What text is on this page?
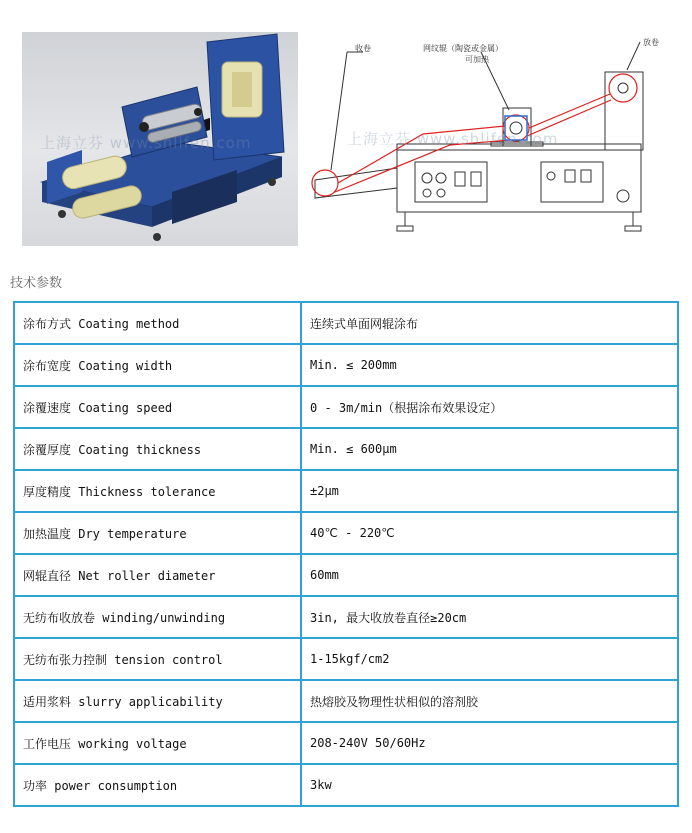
上海立芬 www.shlifen.com
收卷	网纹辊（陶瓷或金属）
可加热
放卷
上海立芬 www.shlifen.com
技术参数
涂布方式 Coating method	连续式单面网辊涂布
涂布宽度 Coating width	Min. ≤ 200mm
涂覆速度 Coating speed	0 - 3m/min（根据涂布效果设定）
涂覆厚度 Coating thickness	Min. ≤ 600μm
厚度精度 Thickness tolerance	±2μm
加热温度 Dry temperature	40℃ - 220℃
网辊直径 Net roller diameter	60mm
无纺布收放卷 winding/unwinding	3in, 最大收放卷直径≥20cm
无纺布张力控制 tension control	1-15kgf/cm2
适用浆料 slurry applicability	热熔胶及物理性状相似的溶剂胶
工作电压 working voltage	208-240V 50/60Hz
功率 power consumption	3kw
